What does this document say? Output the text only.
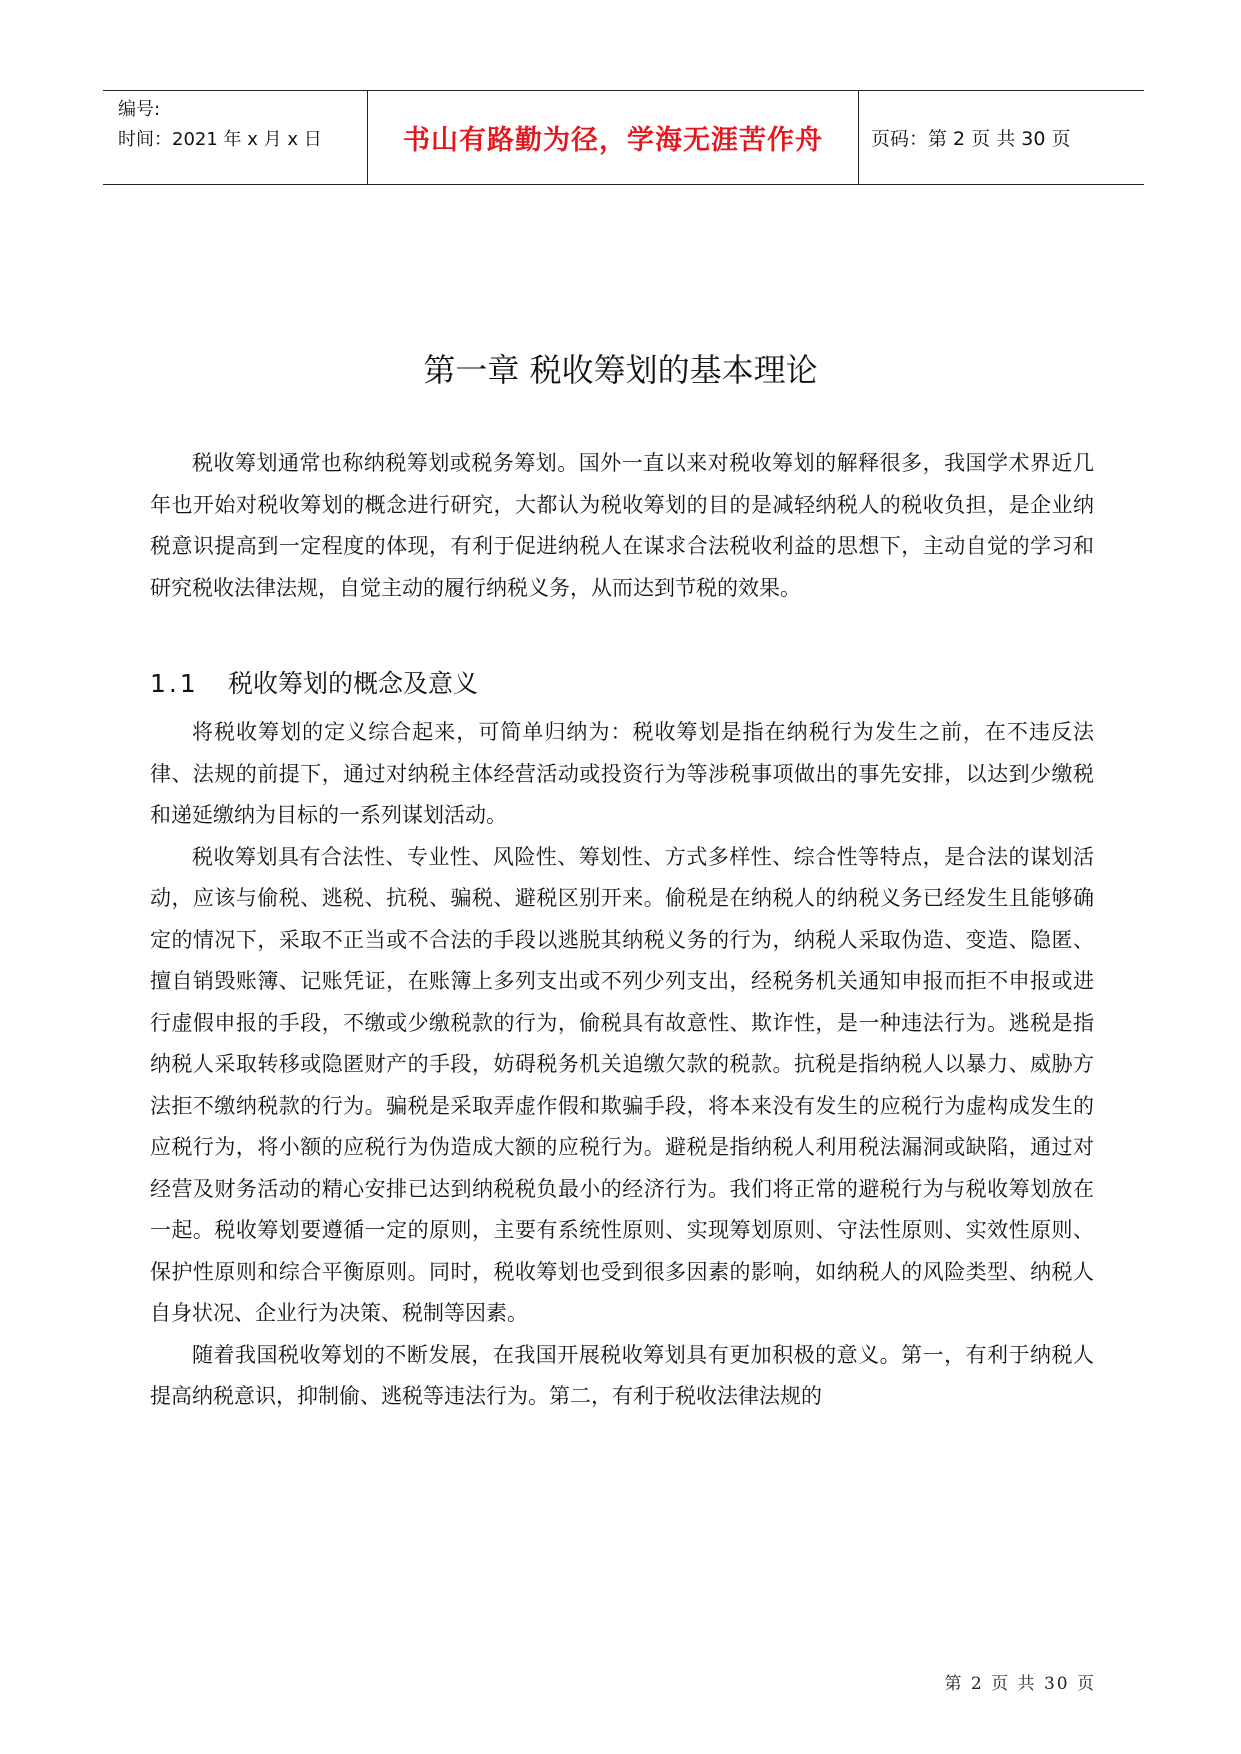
编号:
时间：2021 年 x 月 x 日	书山有路勤为径，学海无涯苦作舟	页码：第 2 页 共 30 页
第一章 税收筹划的基本理论

税收筹划通常也称纳税筹划或税务筹划。国外一直以来对税收筹划的解释很多，我国学术界近几年也开始对税收筹划的概念进行研究，大都认为税收筹划的目的是减轻纳税人的税收负担，是企业纳税意识提高到一定程度的体现，有利于促进纳税人在谋求合法税收利益的思想下，主动自觉的学习和研究税收法律法规，自觉主动的履行纳税义务，从而达到节税的效果。

1.1 税收筹划的概念及意义

将税收筹划的定义综合起来，可简单归纳为：税收筹划是指在纳税行为发生之前，在不违反法律、法规的前提下，通过对纳税主体经营活动或投资行为等涉税事项做出的事先安排，以达到少缴税和递延缴纳为目标的一系列谋划活动。

税收筹划具有合法性、专业性、风险性、筹划性、方式多样性、综合性等特点，是合法的谋划活动，应该与偷税、逃税、抗税、骗税、避税区别开来。偷税是在纳税人的纳税义务已经发生且能够确定的情况下，采取不正当或不合法的手段以逃脱其纳税义务的行为，纳税人采取伪造、变造、隐匿、擅自销毁账簿、记账凭证，在账簿上多列支出或不列少列支出，经税务机关通知申报而拒不申报或进行虚假申报的手段，不缴或少缴税款的行为，偷税具有故意性、欺诈性，是一种违法行为。逃税是指纳税人采取转移或隐匿财产的手段，妨碍税务机关追缴欠款的税款。抗税是指纳税人以暴力、威胁方法拒不缴纳税款的行为。骗税是采取弄虚作假和欺骗手段，将本来没有发生的应税行为虚构成发生的应税行为，将小额的应税行为伪造成大额的应税行为。避税是指纳税人利用税法漏洞或缺陷，通过对经营及财务活动的精心安排已达到纳税税负最小的经济行为。我们将正常的避税行为与税收筹划放在一起。税收筹划要遵循一定的原则，主要有系统性原则、实现筹划原则、守法性原则、实效性原则、保护性原则和综合平衡原则。同时，税收筹划也受到很多因素的影响，如纳税人的风险类型、纳税人自身状况、企业行为决策、税制等因素。

随着我国税收筹划的不断发展，在我国开展税收筹划具有更加积极的意义。第一，有利于纳税人提高纳税意识，抑制偷、逃税等违法行为。第二，有利于税收法律法规的

第 2 页 共 30 页
